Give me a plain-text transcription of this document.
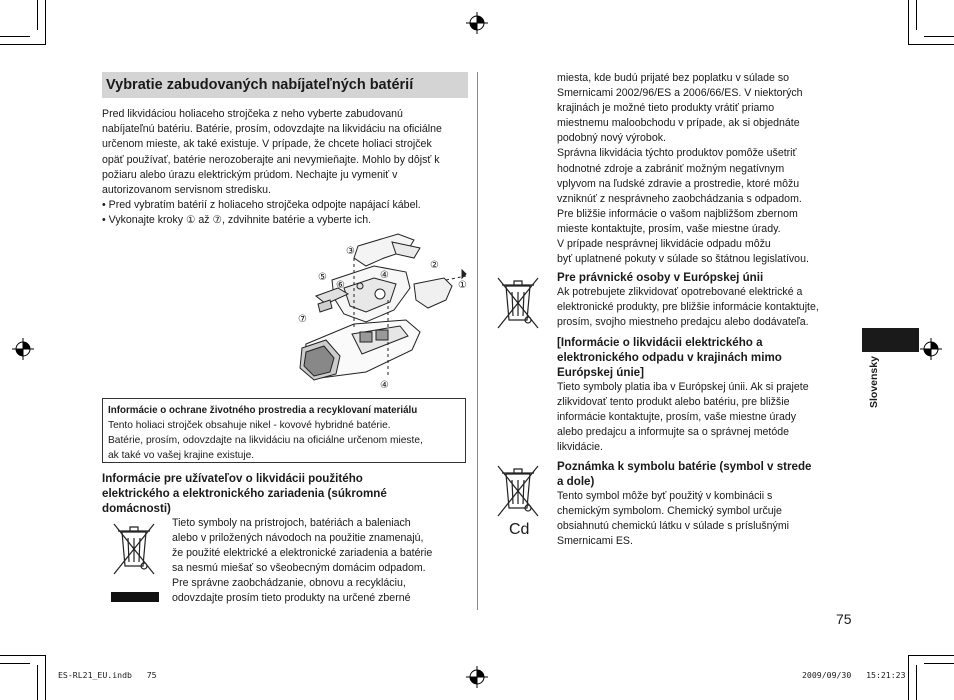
Vybratie zabudovaných nabíjateľných batérií
Pred likvidáciou holiaceho strojčeka z neho vyberte zabudovanú
nabíjateľnú batériu. Batérie, prosím, odovzdajte na likvidáciu na oficiálne
určenom mieste, ak také existuje. V prípade, že chcete holiaci strojček
opäť používať, batérie nerozoberajte ani nevymieňajte. Mohlo by dôjsť k
požiaru alebo úrazu elektrickým prúdom. Nechajte ju vymeniť v
autorizovanom servisnom stredisku.
• Pred vybratím batérií z holiaceho strojčeka odpojte napájací kábel.
• Vykonajte kroky ① až ⑦, zdvihnite batérie a vyberte ich.
③
⑤
⑥
④
②
①
⑦
④
Informácie o ochrane životného prostredia a recyklovaní materiálu
Tento holiaci strojček obsahuje nikel - kovové hybridné batérie.
Batérie, prosím, odovzdajte na likvidáciu na oficiálne určenom mieste,
ak také vo vašej krajine existuje.
Informácie pre užívateľov o likvidácii použitého
elektrického a elektronického zariadenia (súkromné
domácnosti)
Tieto symboly na prístrojoch, batériách a baleniach
alebo v priložených návodoch na použitie znamenajú,
že použité elektrické a elektronické zariadenia a batérie
sa nesmú miešať so všeobecným domácim odpadom.
Pre správne zaobchádzanie, obnovu a recykláciu,
odovzdajte prosím tieto produkty na určené zberné
miesta, kde budú prijaté bez poplatku v súlade so
Smernicami 2002/96/ES a 2006/66/ES. V niektorých
krajinách je možné tieto produkty vrátiť priamo
miestnemu maloobchodu v prípade, ak si objednáte
podobný nový výrobok.
Správna likvidácia týchto produktov pomôže ušetriť
hodnotné zdroje a zabrániť možným negatívnym
vplyvom na ľudské zdravie a prostredie, ktoré môžu
vzniknúť z nesprávneho zaobchádzania s odpadom.
Pre bližšie informácie o vašom najbližšom zbernom
mieste kontaktujte, prosím, vaše miestne úrady.
V prípade nesprávnej likvidácie odpadu môžu
byť uplatnené pokuty v súlade so štátnou legislatívou.
Pre právnické osoby v Európskej únii
Ak potrebujete zlikvidovať opotrebované elektrické a
elektronické produkty, pre bližšie informácie kontaktujte,
prosím, svojho miestneho predajcu alebo dodávateľa.
[Informácie o likvidácii elektrického a
elektronického odpadu v krajinách mimo
Európskej únie]
Tieto symboly platia iba v Európskej únii. Ak si prajete
zlikvidovať tento produkt alebo batériu, pre bližšie
informácie kontaktujte, prosím, vaše miestne úrady
alebo predajcu a informujte sa o správnej metóde
likvidácie.
Cd
Poznámka k symbolu batérie (symbol v strede
a dole)
Tento symbol môže byť použitý v kombinácii s
chemickým symbolom. Chemický symbol určuje
obsiahnutú chemickú látku v súlade s príslušnými
Smernicami ES.
Slovensky
75
ES-RL21_EU.indb   75	2009/09/30   15:21:23
